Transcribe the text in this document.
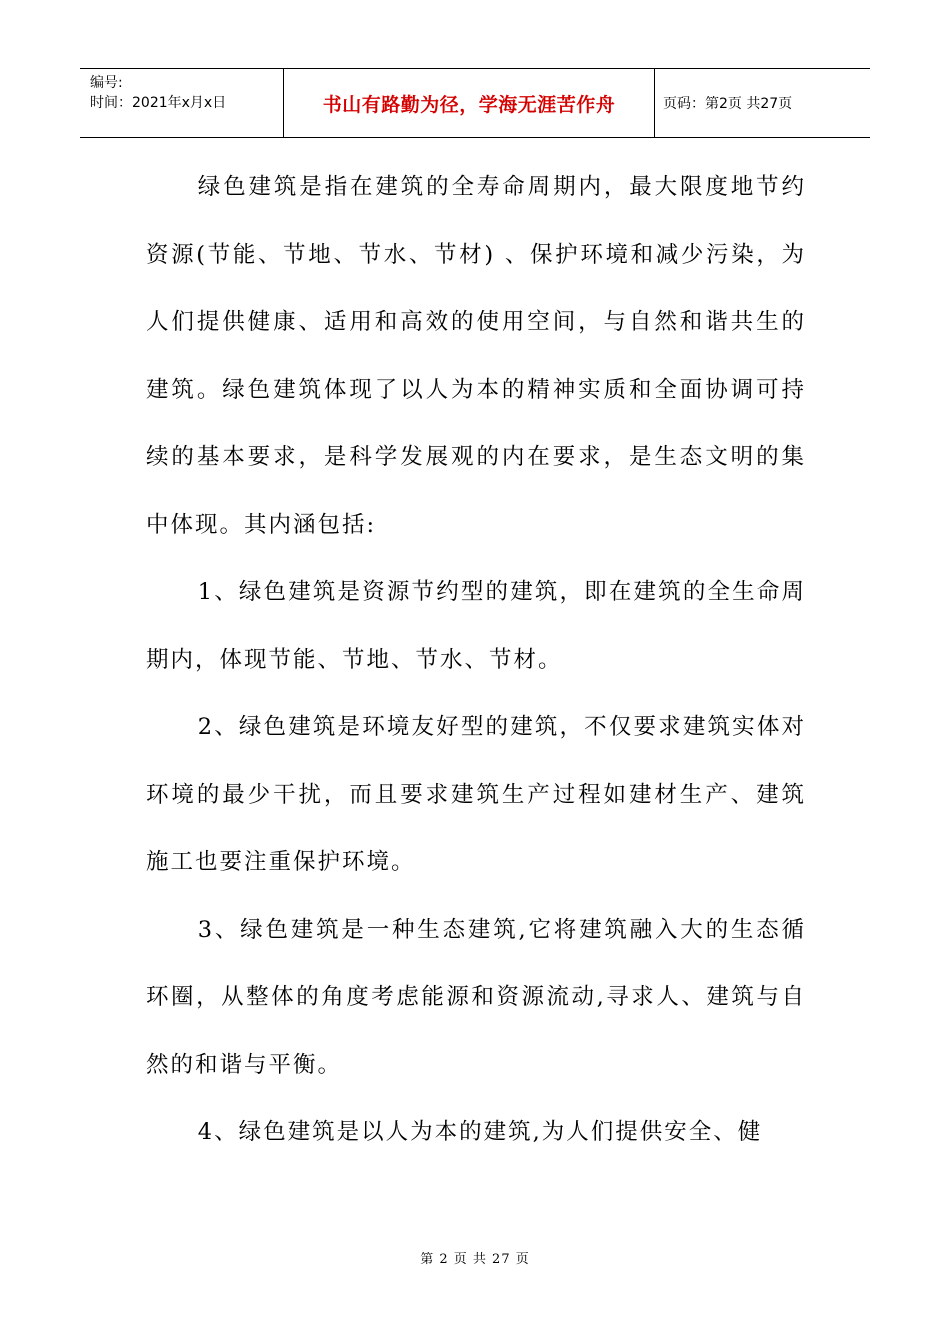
编号:
时间：2021年x月x日	书山有路勤为径，学海无涯苦作舟	页码：第2页 共27页

绿色建筑是指在建筑的全寿命周期内，最大限度地节约资源(节能、节地、节水、节材) 、保护环境和减少污染，为人们提供健康、适用和高效的使用空间，与自然和谐共生的建筑。绿色建筑体现了以人为本的精神实质和全面协调可持续的基本要求，是科学发展观的内在要求，是生态文明的集中体现。其内涵包括:

1、绿色建筑是资源节约型的建筑，即在建筑的全生命周期内，体现节能、节地、节水、节材。

2、绿色建筑是环境友好型的建筑，不仅要求建筑实体对环境的最少干扰，而且要求建筑生产过程如建材生产、建筑施工也要注重保护环境。

3、绿色建筑是一种生态建筑,它将建筑融入大的生态循环圈，从整体的角度考虑能源和资源流动,寻求人、建筑与自然的和谐与平衡。

4、绿色建筑是以人为本的建筑,为人们提供安全、健

第 2 页 共 27 页
